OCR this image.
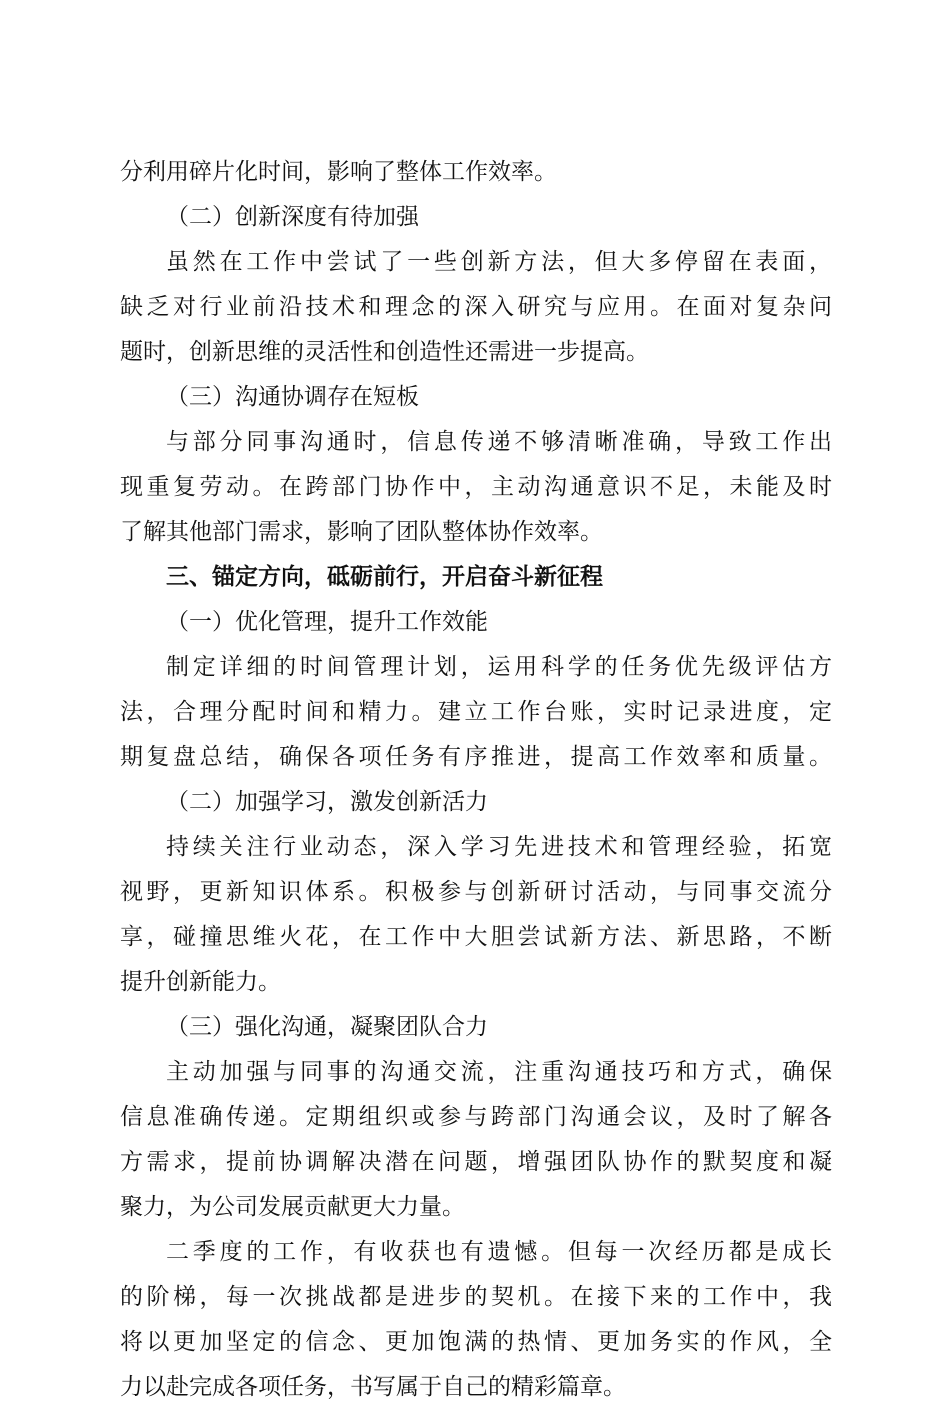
分利用碎片化时间，影响了整体工作效率。
（二）创新深度有待加强
虽然在工作中尝试了一些创新方法，但大多停留在表面，
缺乏对行业前沿技术和理念的深入研究与应用。在面对复杂问
题时，创新思维的灵活性和创造性还需进一步提高。
（三）沟通协调存在短板
与部分同事沟通时，信息传递不够清晰准确，导致工作出
现重复劳动。在跨部门协作中，主动沟通意识不足，未能及时
了解其他部门需求，影响了团队整体协作效率。
三、锚定方向，砥砺前行，开启奋斗新征程
（一）优化管理，提升工作效能
制定详细的时间管理计划，运用科学的任务优先级评估方
法，合理分配时间和精力。建立工作台账，实时记录进度，定
期复盘总结，确保各项任务有序推进，提高工作效率和质量。
（二）加强学习，激发创新活力
持续关注行业动态，深入学习先进技术和管理经验，拓宽
视野，更新知识体系。积极参与创新研讨活动，与同事交流分
享，碰撞思维火花，在工作中大胆尝试新方法、新思路，不断
提升创新能力。
（三）强化沟通，凝聚团队合力
主动加强与同事的沟通交流，注重沟通技巧和方式，确保
信息准确传递。定期组织或参与跨部门沟通会议，及时了解各
方需求，提前协调解决潜在问题，增强团队协作的默契度和凝
聚力，为公司发展贡献更大力量。
二季度的工作，有收获也有遗憾。但每一次经历都是成长
的阶梯，每一次挑战都是进步的契机。在接下来的工作中，我
将以更加坚定的信念、更加饱满的热情、更加务实的作风，全
力以赴完成各项任务，书写属于自己的精彩篇章。
